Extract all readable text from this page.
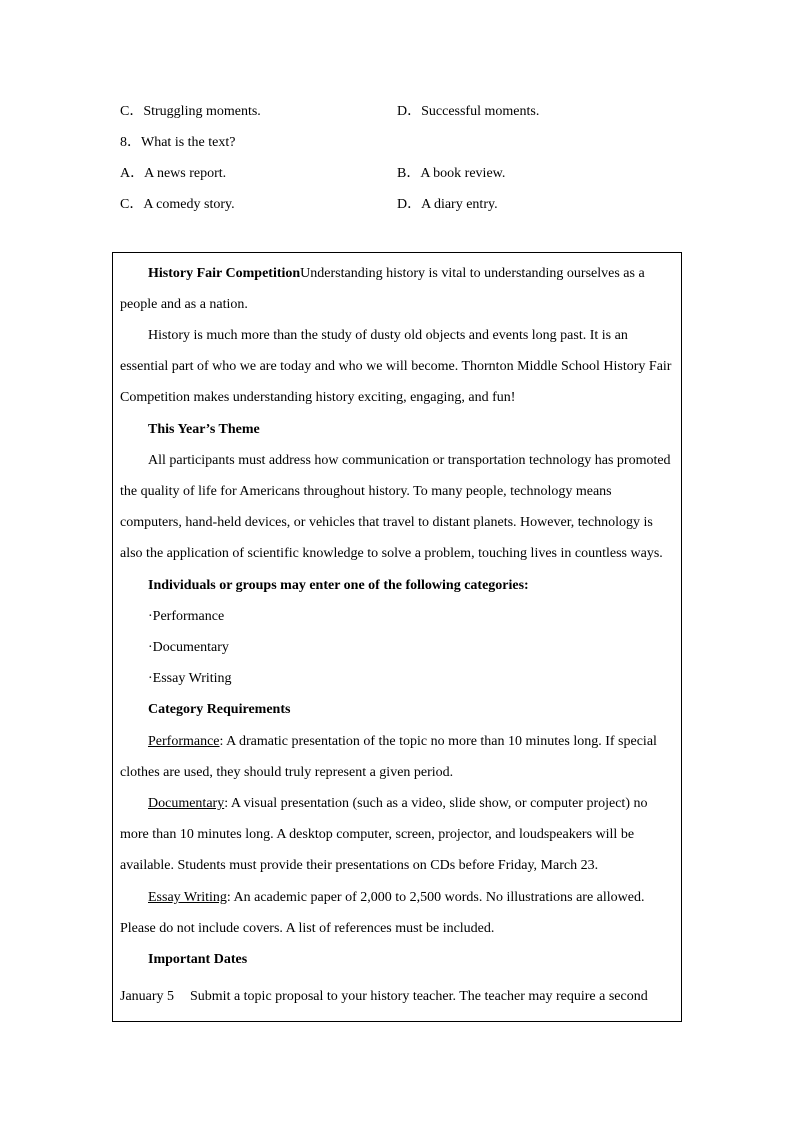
C．Struggling moments.	D．Successful moments.
8．What is the text?
A．A news report.	B．A book review.
C．A comedy story.	D．A diary entry.
History Fair CompetitionUnderstanding history is vital to understanding ourselves as a
people and as a nation.
History is much more than the study of dusty old objects and events long past. It is an
essential part of who we are today and who we will become. Thornton Middle School History Fair
Competition makes understanding history exciting, engaging, and fun!
This Year’s Theme
All participants must address how communication or transportation technology has promoted
the quality of life for Americans throughout history. To many people, technology means
computers, hand-held devices, or vehicles that travel to distant planets. However, technology is
also the application of scientific knowledge to solve a problem, touching lives in countless ways.
Individuals or groups may enter one of the following categories:
·Performance
·Documentary
·Essay Writing
Category Requirements
Performance: A dramatic presentation of the topic no more than 10 minutes long. If special
clothes are used, they should truly represent a given period.
Documentary: A visual presentation (such as a video, slide show, or computer project) no
more than 10 minutes long. A desktop computer, screen, projector, and loudspeakers will be
available. Students must provide their presentations on CDs before Friday, March 23.
Essay Writing: An academic paper of 2,000 to 2,500 words. No illustrations are allowed.
Please do not include covers. A list of references must be included.
Important Dates
January 5 Submit a topic proposal to your history teacher. The teacher may require a second
